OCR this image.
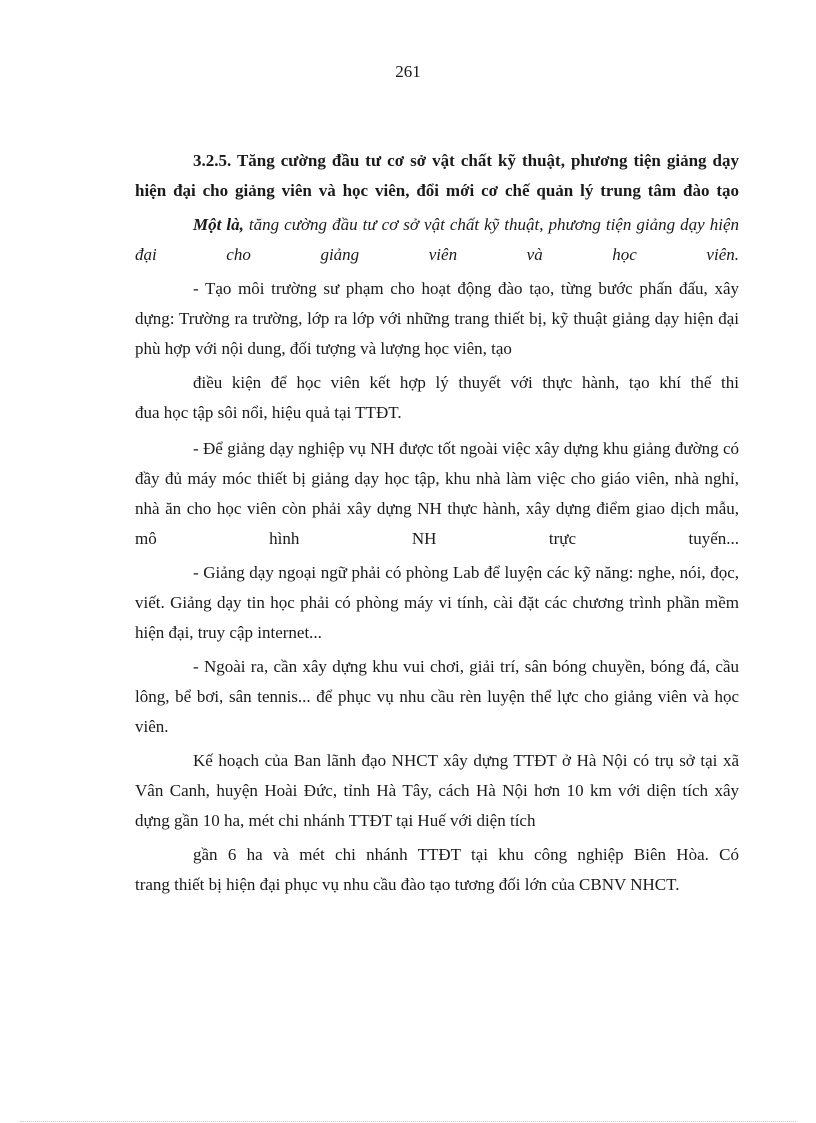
261

3.2.5. Tăng cường đầu tư cơ sở vật chất kỹ thuật, phương tiện giảng dạy hiện đại cho giảng viên và học viên, đổi mới cơ chế quản lý trung tâm đào tạo

Một là, tăng cường đầu tư cơ sở vật chất kỹ thuật, phương tiện giảng dạy hiện đại cho giảng viên và học viên.

- Tạo môi trường sư phạm cho hoạt động đào tạo, từng bước phấn đấu, xây dựng: Trường ra trường, lớp ra lớp với những trang thiết bị, kỹ thuật giảng dạy hiện đại phù hợp với nội dung, đối tượng và lượng học viên, tạo

điều kiện để học viên kết hợp lý thuyết với thực hành, tạo khí thế thi

đua học tập sôi nổi, hiệu quả tại TTĐT.

- Để giảng dạy nghiệp vụ NH được tốt ngoài việc xây dựng khu giảng đường có đầy đủ máy móc thiết bị giảng dạy học tập, khu nhà làm việc cho giáo viên, nhà nghỉ, nhà ăn cho học viên còn phải xây dựng NH thực hành, xây dựng điểm giao dịch mẫu, mô hình NH trực tuyến...

- Giảng dạy ngoại ngữ phải có phòng Lab để luyện các kỹ năng: nghe, nói, đọc, viết. Giảng dạy tin học phải có phòng máy vi tính, cài đặt các chương trình phần mềm hiện đại, truy cập internet...

- Ngoài ra, cần xây dựng khu vui chơi, giải trí, sân bóng chuyền, bóng đá, cầu lông, bể bơi, sân tennis... để phục vụ nhu cầu rèn luyện thể lực cho giảng viên và học viên.

Kế hoạch của Ban lãnh đạo NHCT xây dựng TTĐT ở Hà Nội có trụ sở tại xã Vân Canh, huyện Hoài Đức, tỉnh Hà Tây, cách Hà Nội hơn 10 km với diện tích xây dựng gần 10 ha, mét chi nhánh TTĐT tại Huế với diện tích

gần 6 ha và mét chi nhánh TTĐT tại khu công nghiệp Biên Hòa. Có

trang thiết bị hiện đại phục vụ nhu cầu đào tạo tương đối lớn của CBNV NHCT.
